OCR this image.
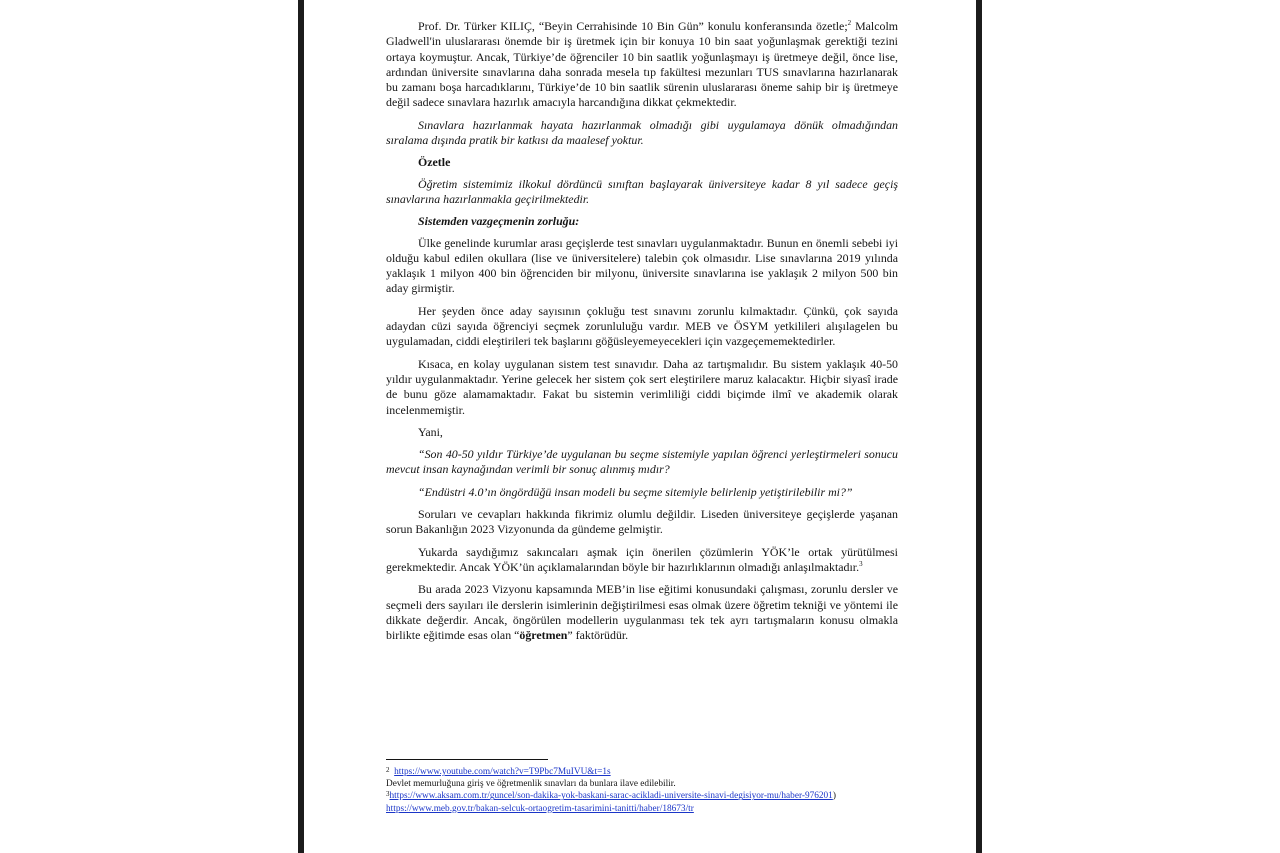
Prof. Dr. Türker KILIÇ, “Beyin Cerrahisinde 10 Bin Gün” konulu konferansında özetle;$^2$ Malcolm Gladwell'in uluslararası önemde bir iş üretmek için bir konuya 10 bin saat yoğunlaşmak gerektiği tezini ortaya koymuştur. Ancak, Türkiye’de öğrenciler 10 bin saatlik yoğunlaşmayı iş üretmeye değil, önce lise, ardından üniversite sınavlarına daha sonrada mesela tıp fakültesi mezunları TUS sınavlarına hazırlanarak bu zamanı boşa harcadıklarını, Türkiye’de 10 bin saatlik sürenin uluslararası öneme sahip bir iş üretmeye değil sadece sınavlara hazırlık amacıyla harcandığına dikkat çekmektedir.

Sınavlara hazırlanmak hayata hazırlanmak olmadığı gibi uygulamaya dönük olmadığından sıralama dışında pratik bir katkısı da maalesef yoktur.

Özetle

Öğretim sistemimiz ilkokul dördüncü sınıftan başlayarak üniversiteye kadar 8 yıl sadece geçiş sınavlarına hazırlanmakla geçirilmektedir.

Sistemden vazgeçmenin zorluğu:

Ülke genelinde kurumlar arası geçişlerde test sınavları uygulanmaktadır. Bunun en önemli sebebi iyi olduğu kabul edilen okullara (lise ve üniversitelere) talebin çok olmasıdır. Lise sınavlarına 2019 yılında yaklaşık 1 milyon 400 bin öğrenciden bir milyonu, üniversite sınavlarına ise yaklaşık 2 milyon 500 bin aday girmiştir.

Her şeyden önce aday sayısının çokluğu test sınavını zorunlu kılmaktadır. Çünkü, çok sayıda adaydan cüzi sayıda öğrenciyi seçmek zorunluluğu vardır. MEB ve ÖSYM yetkilileri alışılagelen bu uygulamadan, ciddi eleştirileri tek başlarını göğüsleyemeyecekleri için vazgeçememektedirler.

Kısaca, en kolay uygulanan sistem test sınavıdır. Daha az tartışmalıdır. Bu sistem yaklaşık 40-50 yıldır uygulanmaktadır. Yerine gelecek her sistem çok sert eleştirilere maruz kalacaktır. Hiçbir siyasî irade de bunu göze alamamaktadır. Fakat bu sistemin verimliliği ciddi biçimde ilmî ve akademik olarak incelenmemiştir.

Yani,

“Son 40-50 yıldır Türkiye’de uygulanan bu seçme sistemiyle yapılan öğrenci yerleştirmeleri sonucu mevcut insan kaynağından verimli bir sonuç alınmış mıdır?

“Endüstri 4.0’ın öngördüğü insan modeli bu seçme sitemiyle belirlenip yetiştirilebilir mi?”

Soruları ve cevapları hakkında fikrimiz olumlu değildir. Liseden üniversiteye geçişlerde yaşanan sorun Bakanlığın 2023 Vizyonunda da gündeme gelmiştir.

Yukarda saydığımız sakıncaları aşmak için önerilen çözümlerin YÖK’le ortak yürütülmesi gerekmektedir. Ancak YÖK’ün açıklamalarından böyle bir hazırlıklarının olmadığı anlaşılmaktadır.$^3$

Bu arada 2023 Vizyonu kapsamında MEB’in lise eğitimi konusundaki çalışması, zorunlu dersler ve seçmeli ders sayıları ile derslerin isimlerinin değiştirilmesi esas olmak üzere öğretim tekniği ve yöntemi ile dikkate değerdir. Ancak, öngörülen modellerin uygulanması tek tek ayrı tartışmaların konusu olmakla birlikte eğitimde esas olan “öğretmen” faktörüdür.

$^2$ https://www.youtube.com/watch?v=T9Pbc7MuIVU&t=1s
Devlet memurluğuna giriş ve öğretmenlik sınavları da bunlara ilave edilebilir.
$^3$https://www.aksam.com.tr/guncel/son-dakika-yok-baskani-sarac-acikladi-universite-sinavi-degisiyor-mu/haber-976201)
https://www.meb.gov.tr/bakan-selcuk-ortaogretim-tasarimini-tanitti/haber/18673/tr
